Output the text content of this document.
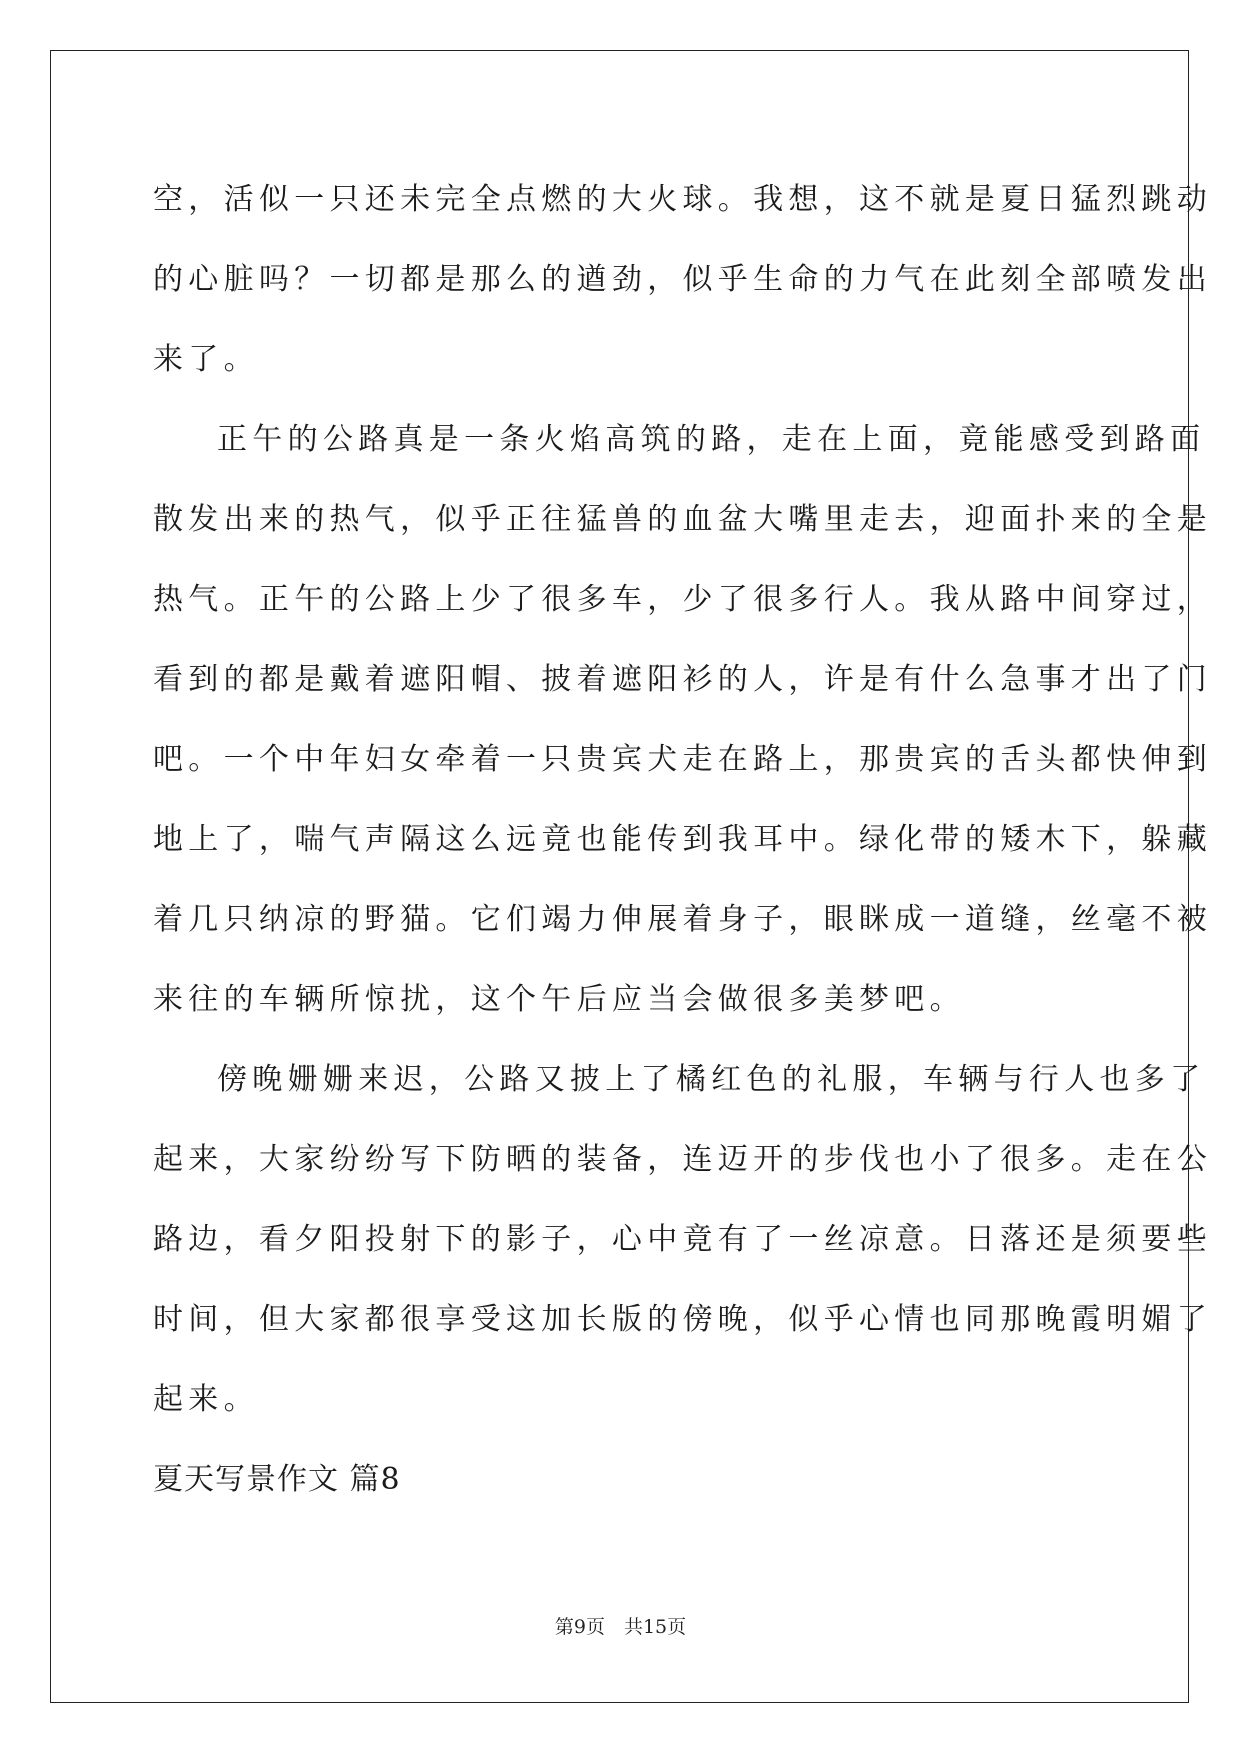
空，活似一只还未完全点燃的大火球。我想，这不就是夏日猛烈跳动
的心脏吗？一切都是那么的遒劲，似乎生命的力气在此刻全部喷发出
来了。
正午的公路真是一条火焰高筑的路，走在上面，竟能感受到路面
散发出来的热气，似乎正往猛兽的血盆大嘴里走去，迎面扑来的全是
热气。正午的公路上少了很多车，少了很多行人。我从路中间穿过，
看到的都是戴着遮阳帽、披着遮阳衫的人，许是有什么急事才出了门
吧。一个中年妇女牵着一只贵宾犬走在路上，那贵宾的舌头都快伸到
地上了，喘气声隔这么远竟也能传到我耳中。绿化带的矮木下，躲藏
着几只纳凉的野猫。它们竭力伸展着身子，眼眯成一道缝，丝毫不被
来往的车辆所惊扰，这个午后应当会做很多美梦吧。
傍晚姗姗来迟，公路又披上了橘红色的礼服，车辆与行人也多了
起来，大家纷纷写下防晒的装备，连迈开的步伐也小了很多。走在公
路边，看夕阳投射下的影子，心中竟有了一丝凉意。日落还是须要些
时间，但大家都很享受这加长版的傍晚，似乎心情也同那晚霞明媚了
起来。
夏天写景作文 篇8
第9页　共15页
